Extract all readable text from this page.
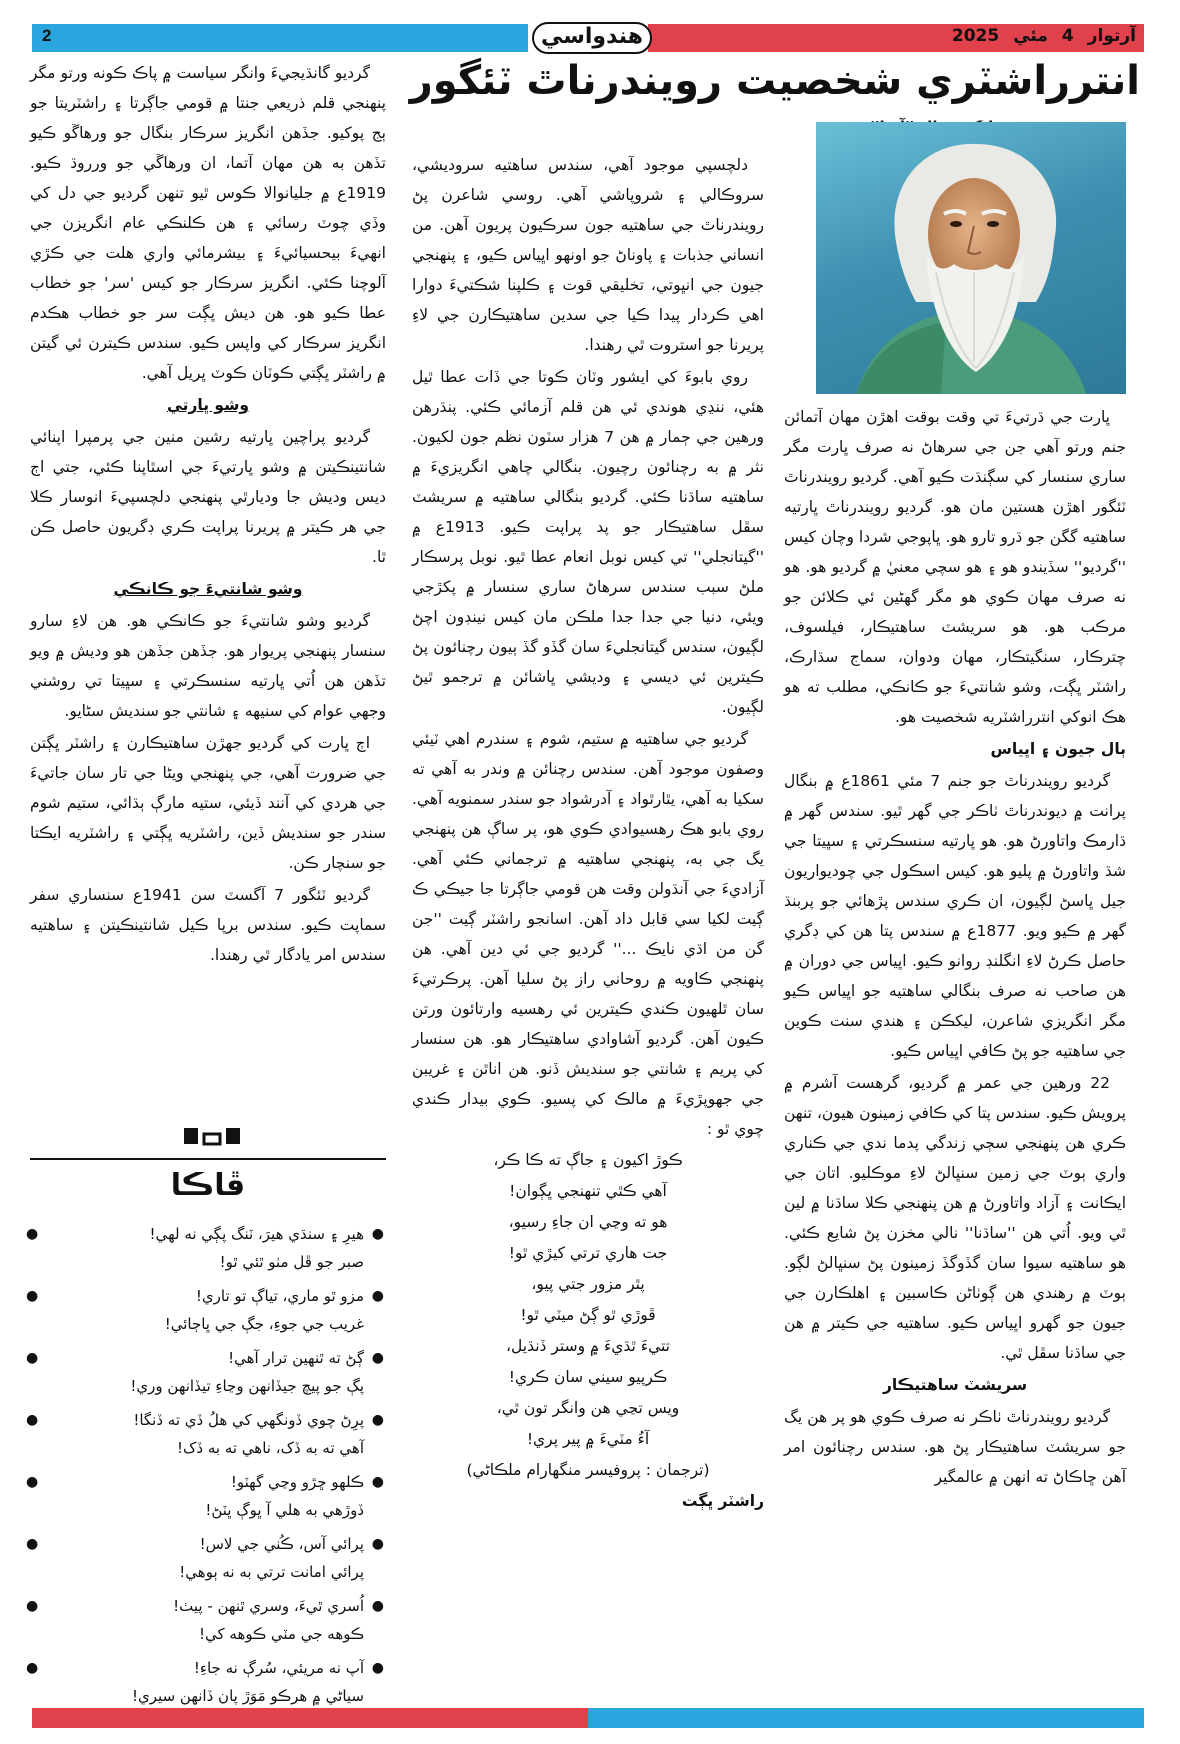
2	هندواسي	آرتوار4مئي2025
انترراشٽري شخصيت رويندرناٿ ٽئگور

ڀارت جي ڌرتيءَ تي وقت بوقت اهڙن مهان آتمائن جنم ورتو آهي جن جي سرهاڻ نه صرف ڀارت مگر ساري سنسار کي سڳنڌت ڪيو آهي. گرديو رويندرناٿ ٽئگور اهڙن هستين مان هو. گرديو رويندرناٿ ڀارتيه ساهتيه گگن جو ڌرو تارو هو. ڀاپوجي شردا وچان کيس ''گرديو'' سڏيندو هو ۽ هو سچي معنيٰ ۾ گرديو هو. هو نه صرف مهان ڪوي هو مگر گهڻين ئي ڪلائن جو مرڪب هو. هو سريشٽ ساهتيڪار، فيلسوف، چترڪار، سنگيتڪار، مهان ودوان، سماج سڌارڪ، راشٽر ڀڳت، وشو شانتيءَ جو ڪانڪي، مطلب ته هو هڪ انوکي انترراشٽريه شخصيت هو.

ٻال جيون ۽ اڀياس

گرديو رويندرناٿ جو جنم 7 مئي 1861ع ۾ بنگال پرانت ۾ ديوندرناٿ ٺاڪر جي گهر ٿيو. سندس گهر ۾ ڌارمڪ واتاورڻ هو. هو ڀارتيه سنسڪرتي ۽ سڀيتا جي شڌ واتاورڻ ۾ پليو هو. کيس اسڪول جي چوديواريون جيل ڀاسڻ لڳيون، ان ڪري سندس پڙهائي جو پربنڌ گهر ۾ ڪيو ويو. 1877ع ۾ سندس پتا هن کي ڊگري حاصل ڪرڻ لاءِ انگلنڊ روانو ڪيو. اڀياس جي دوران ۾ هن صاحب نه صرف بنگالي ساهتيه جو اڀياس ڪيو مگر انگريزي شاعرن، ليکڪن ۽ هندي سنت ڪوين جي ساهتيه جو پڻ ڪافي اڀياس ڪيو.

22 ورهين جي عمر ۾ گرديو، گرهست آشرم ۾ پرويش ڪيو. سندس پتا کي ڪافي زمينون هيون، تنهن ڪري هن پنهنجي سڄي زندگي پدما ندي جي ڪناري واري ٻوٽ جي زمين سنڀالڻ لاءِ موڪليو. اتان جي ايڪانت ۽ آزاد واتاورڻ ۾ هن پنهنجي ڪلا ساڌنا ۾ لين ٿي ويو. اُتي هن ''ساڌنا'' نالي مخزن پڻ شايع ڪئي. هو ساهتيه سيوا سان گڏوگڏ زمينون پڻ سنڀالڻ لڳو. ٻوٽ ۾ رهندي هن ڳوٺاڻن ڪاسبين ۽ اهلڪارن جي جيون جو گهرو اڀياس ڪيو. ساهتيه جي ڪيتر ۾ هن جي ساڌنا سڦل ٿي.

سريشٽ ساهتيڪار

گرديو رويندرناٿ ٺاڪر نه صرف ڪوي هو پر هن يگ جو سريشٽ ساهتيڪار پڻ هو. سندس رچنائون امر آهن ڇاڪاڻ ته انهن ۾ عالمگير

دلچسپي موجود آهي، سندس ساهتيه سروديشي، سروڪالي ۽ شروپاشي آهي. روسي شاعرن پڻ رويندرناٿ جي ساهتيه جون سرڪيون پريون آهن. من انساني جذبات ۽ پاوناڻ جو اونهو اڀياس ڪيو، ۽ پنهنجي جيون جي انڀوتي، تخليقي قوت ۽ ڪلپنا شڪتيءَ دوارا اهي ڪردار پيدا ڪيا جي سدين ساهتيڪارن جي لاءِ پريرنا جو استروت ٿي رهندا.

روي بابوءَ کي ايشور وٽان ڪوتا جي ڏات عطا ٿيل هئي، ننڍي هوندي ئي هن قلم آزمائي ڪئي. پنڌرهن ورهين جي ڄمار ۾ هن 7 هزار سٽون نظم جون لکيون. نثر ۾ به رچنائون رچيون. بنگالي چاهي انگريزيءَ ۾ ساهتيه ساڌنا ڪئي. گرديو بنگالي ساهتيه ۾ سريشٽ سڦل ساهتيڪار جو پد پراپت ڪيو. 1913ع ۾ ''گيتانجلي'' تي کيس نوبل انعام عطا ٿيو. نوبل پرسڪار ملڻ سبب سندس سرهاڻ ساري سنسار ۾ پکڙجي ويئي، دنيا جي جدا جدا ملڪن مان کيس نينڊون اچڻ لڳيون، سندس گيتانجليءَ سان گڏو گڏ ٻيون رچنائون پڻ ڪيترين ئي ديسي ۽ وديشي ڀاشائن ۾ ترجمو ٿيڻ لڳيون.

گرديو جي ساهتيه ۾ ستيم، شوم ۽ سندرم اهي ٽيئي وصفون موجود آهن. سندس رچنائن ۾ وندر به آهي ته سکيا به آهي، يٿارٿواد ۽ آدرشواد جو سندر سمنويه آهي. روي بابو هڪ رهسيوادي ڪوي هو، پر ساڳ هن پنهنجي يگ جي به، پنهنجي ساهتيه ۾ ترجماني ڪئي آهي. آزاديءَ جي آنڌولن وقت هن قومي جاڳرتا جا جيڪي ڪ ڳيت لکيا سي قابل داد آهن. اسانجو راشٽر ڳيت ''جن گن من اڌي نايڪ ...'' گرديو جي ئي دين آهي. هن پنهنجي ڪاويه ۾ روحاني راز پڻ سليا آهن. پرڪرتيءَ سان ٿلهيون ڪندي ڪيترين ئي رهسيه وارتائون ورتن ڪيون آهن. گرديو آشاوادي ساهتيڪار هو. هن سنسار کي پريم ۽ شانتي جو سنديش ڏنو. هن اناٿن ۽ غريبن جي جهوپڙيءَ ۾ مالڪ کي پسيو. ڪوي بيدار ڪندي چوي ٿو :

ڪوڙ اکيون ۽ جاڳ ته ڪا ڪر،

آهي ڪٿي تنهنجي ڀڳوان!

هو ته وڃي ان جاءِ رسيو،

جت هاري ترتي کيڙي ٿو!

پٿر مزور جتي پيو،

ڦوڙي ٿو ڳڻ ميٽي ٿو!

تتيءَ ٿڌيءَ ۾ وستر ڏنڌيل،

ڪرپيو سيني سان ڪري!

ويس تڃي هن وانگر تون ٿي،

آءُ مٽيءَ ۾ پير پري!

(ترجمان : پروفيسر منگهارام ملڪاڻي)

راشٽر ڀڳت

گرديو گانڌيجيءَ وانگر سياست ۾ پاڪ ڪونه ورتو مگر پنهنجي قلم ذريعي جنتا ۾ قومي جاڳرتا ۽ راشٽريتا جو ٻج پوکيو. جڏهن انگريز سرڪار بنگال جو ورهاڱو ڪيو تڏهن به هن مهان آتما، ان ورهاڱي جو ورروڌ ڪيو. 1919ع ۾ جليانوالا ڪوس ٿيو تنهن گرديو جي دل کي وڏي چوٽ رسائي ۽ هن ڪلنڪي عام انگريزن جي انهيءَ بيحسيائيءَ ۽ بيشرمائي واري هلت جي ڪڙي آلوچنا ڪئي. انگريز سرڪار جو کيس 'سر' جو خطاب عطا ڪيو هو. هن ديش ڀڳت سر جو خطاب هڪدم انگريز سرڪار کي واپس ڪيو. سندس ڪيترن ئي گيتن ۾ راشٽر ڀڳتي ڪوٽان ڪوٽ ڀريل آهي.

وشو ڀارتي

گرديو پراچين ڀارتيه رشين منين جي پرمپرا اپنائي شانتينڪيتن ۾ وشو ڀارتيءَ جي اسٿاپنا ڪئي، جتي اڄ ديس وديش جا وديارٿي پنهنجي دلچسپيءَ انوسار ڪلا جي هر ڪيتر ۾ پريرنا پراپت ڪري ڊگريون حاصل ڪن ٿا.

وشو شانتيءَ جو ڪانڪي

گرديو وشو شانتيءَ جو ڪانڪي هو. هن لاءِ سارو سنسار پنهنجي پريوار هو. جڏهن جڏهن هو وديش ۾ ويو تڏهن هن اُتي ڀارتيه سنسڪرتي ۽ سڀيتا تي روشني وجهي عوام کي سنيهه ۽ شانتي جو سنديش سڻايو.

اڄ ڀارت کي گرديو جهڙن ساهتيڪارن ۽ راشٽر ڀڳتن جي ضرورت آهي، جي پنهنجي ويڻا جي تار سان جاتيءَ جي هردي کي آنند ڏيئي، ستيه مارڳ ٻڌائي، ستيم شوم سندر جو سنديش ڏين، راشٽريه ڀڳتي ۽ راشٽريه ايڪتا جو سنچار ڪن.

گرديو ٽئگور 7 آگسٽ سن 1941ع سنساري سفر سماپت ڪيو. سندس برپا ڪيل شانتينڪيتن ۽ ساهتيه سندس امر يادگار ٿي رهندا.

ڦاڪا
●
●	هيرِ ۽ سنڌي هيرَ، ٽنگ پڳي نه لهي!
صبر جو ڦل مٺو ٿئي ٿو!
●
●	مزو ٿو ماري، تياڳ تو تاري!
غريب جي جوءِ، جڳ جي ڀاڄائي!
●
●	ڳڻ ته ٿنهين ترار آهي!
پڳ جو پيچ جيڏانهن وڃاءِ تيڏانهن وري!
●
●	پرِڻ چوي ڏونگهي کي هلُ ڏي ته ڏنگا!
آهي ته به ڏک، ناهي ته به ڏک!
●
●	ڪلهو ڇڙو وڃي گهٽو!
ڏوڙهي به هلي آ ڀوڳ ڀٽڻ!
●
●	پرائي آس، ڪُني جي لاس!
پرائي امانت ترتي به نه ٻوهي!
●
●	اُسري ٿيءَ، وسري ٿنهن - پيٺ!
ڪوهه جي مٽي ڪوهه کي!
●
●	آپ نه مريئي، سُرڳ نه جاءِ!
سياڻي ۾ هرڪو مَوَڙ پان ڏانهن سيري!
